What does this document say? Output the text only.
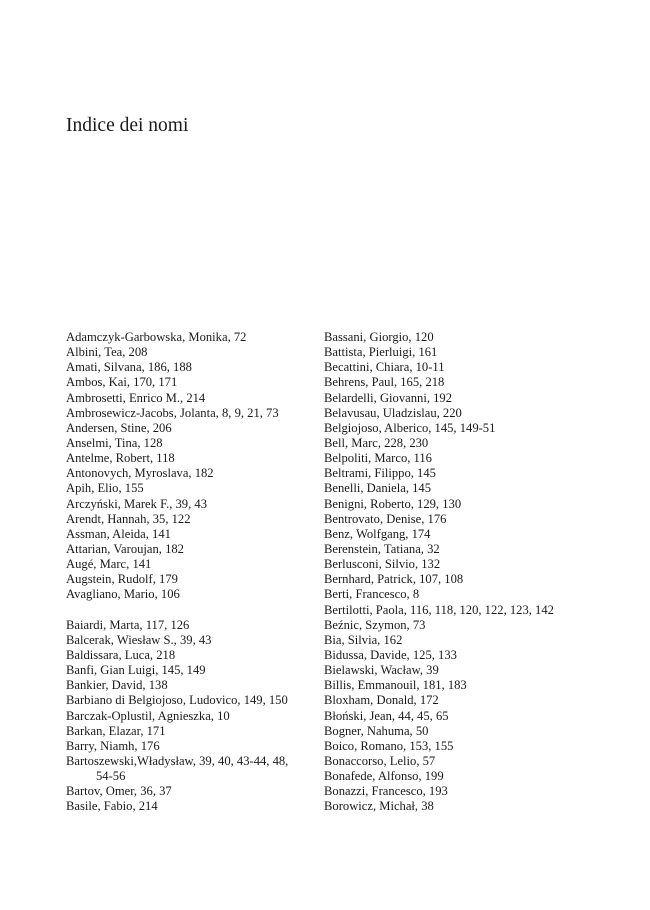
Indice dei nomi
Adamczyk-Garbowska, Monika, 72
Albini, Tea, 208
Amati, Silvana, 186, 188
Ambos, Kai, 170, 171
Ambrosetti, Enrico M., 214
Ambrosewicz-Jacobs, Jolanta, 8, 9, 21, 73
Andersen, Stine, 206
Anselmi, Tina, 128
Antelme, Robert, 118
Antonovych, Myroslava, 182
Apih, Elio, 155
Arczyński, Marek F., 39, 43
Arendt, Hannah, 35, 122
Assman, Aleida, 141
Attarian, Varoujan, 182
Augé, Marc, 141
Augstein, Rudolf, 179
Avagliano, Mario, 106
Baiardi, Marta, 117, 126
Balcerak, Wiesław S., 39, 43
Baldissara, Luca, 218
Banfi, Gian Luigi, 145, 149
Bankier, David, 138
Barbiano di Belgiojoso, Ludovico, 149, 150
Barczak-Oplustil, Agnieszka, 10
Barkan, Elazar, 171
Barry, Niamh, 176
Bartoszewski,Władysław, 39, 40, 43-44, 48,
54-56
Bartov, Omer, 36, 37
Basile, Fabio, 214
Bassani, Giorgio, 120
Battista, Pierluigi, 161
Becattini, Chiara, 10-11
Behrens, Paul, 165, 218
Belardelli, Giovanni, 192
Belavusau, Uladzislau, 220
Belgiojoso, Alberico, 145, 149-51
Bell, Marc, 228, 230
Belpoliti, Marco, 116
Beltrami, Filippo, 145
Benelli, Daniela, 145
Benigni, Roberto, 129, 130
Bentrovato, Denise, 176
Benz, Wolfgang, 174
Berenstein, Tatiana, 32
Berlusconi, Silvio, 132
Bernhard, Patrick, 107, 108
Berti, Francesco, 8
Bertilotti, Paola, 116, 118, 120, 122, 123, 142
Beźnic, Szymon, 73
Bia, Silvia, 162
Bidussa, Davide, 125, 133
Bielawski, Wacław, 39
Billis, Emmanouil, 181, 183
Bloxham, Donald, 172
Błoński, Jean, 44, 45, 65
Bogner, Nahuma, 50
Boico, Romano, 153, 155
Bonaccorso, Lelio, 57
Bonafede, Alfonso, 199
Bonazzi, Francesco, 193
Borowicz, Michał, 38
